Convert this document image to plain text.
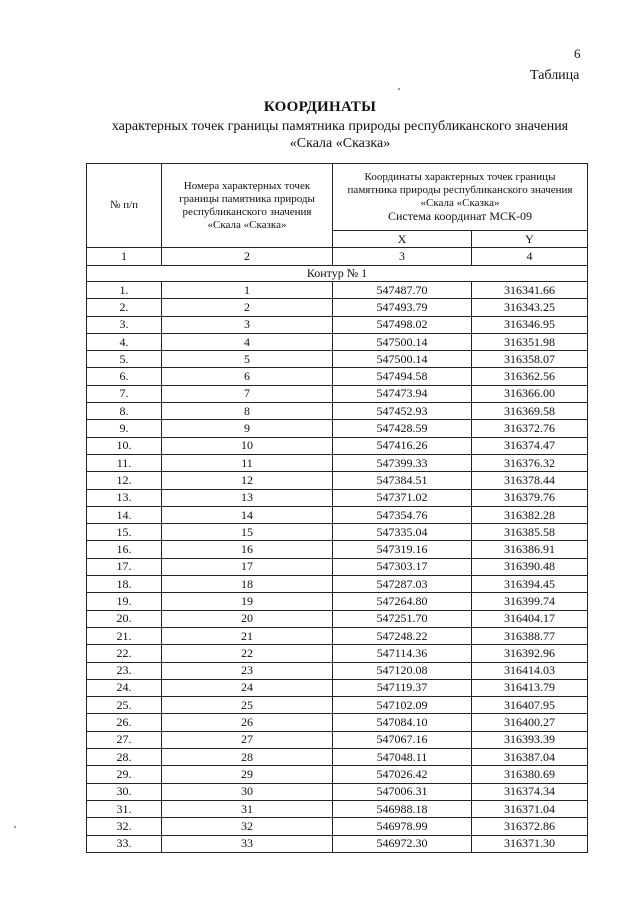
6
Таблица
КООРДИНАТЫ
характерных точек границы памятника природы республиканского значения «Скала «Сказка»
№ п/п	Номера характерных точек границы памятника природы республиканского значения «Скала «Сказка»	Координаты характерных точек границы памятника природы республиканского значения «Скала «Сказка»
Система координат МСК-09	
		X	Y
1	2	3	4
Контур № 1			
1.	1	547487.70	316341.66
2.	2	547493.79	316343.25
3.	3	547498.02	316346.95
4.	4	547500.14	316351.98
5.	5	547500.14	316358.07
6.	6	547494.58	316362.56
7.	7	547473.94	316366.00
8.	8	547452.93	316369.58
9.	9	547428.59	316372.76
10.	10	547416.26	316374.47
11.	11	547399.33	316376.32
12.	12	547384.51	316378.44
13.	13	547371.02	316379.76
14.	14	547354.76	316382.28
15.	15	547335.04	316385.58
16.	16	547319.16	316386.91
17.	17	547303.17	316390.48
18.	18	547287.03	316394.45
19.	19	547264.80	316399.74
20.	20	547251.70	316404.17
21.	21	547248.22	316388.77
22.	22	547114.36	316392.96
23.	23	547120.08	316414.03
24.	24	547119.37	316413.79
25.	25	547102.09	316407.95
26.	26	547084.10	316400.27
27.	27	547067.16	316393.39
28.	28	547048.11	316387.04
29.	29	547026.42	316380.69
30.	30	547006.31	316374.34
31.	31	546988.18	316371.04
32.	32	546978.99	316372.86
33.	33	546972.30	316371.30
